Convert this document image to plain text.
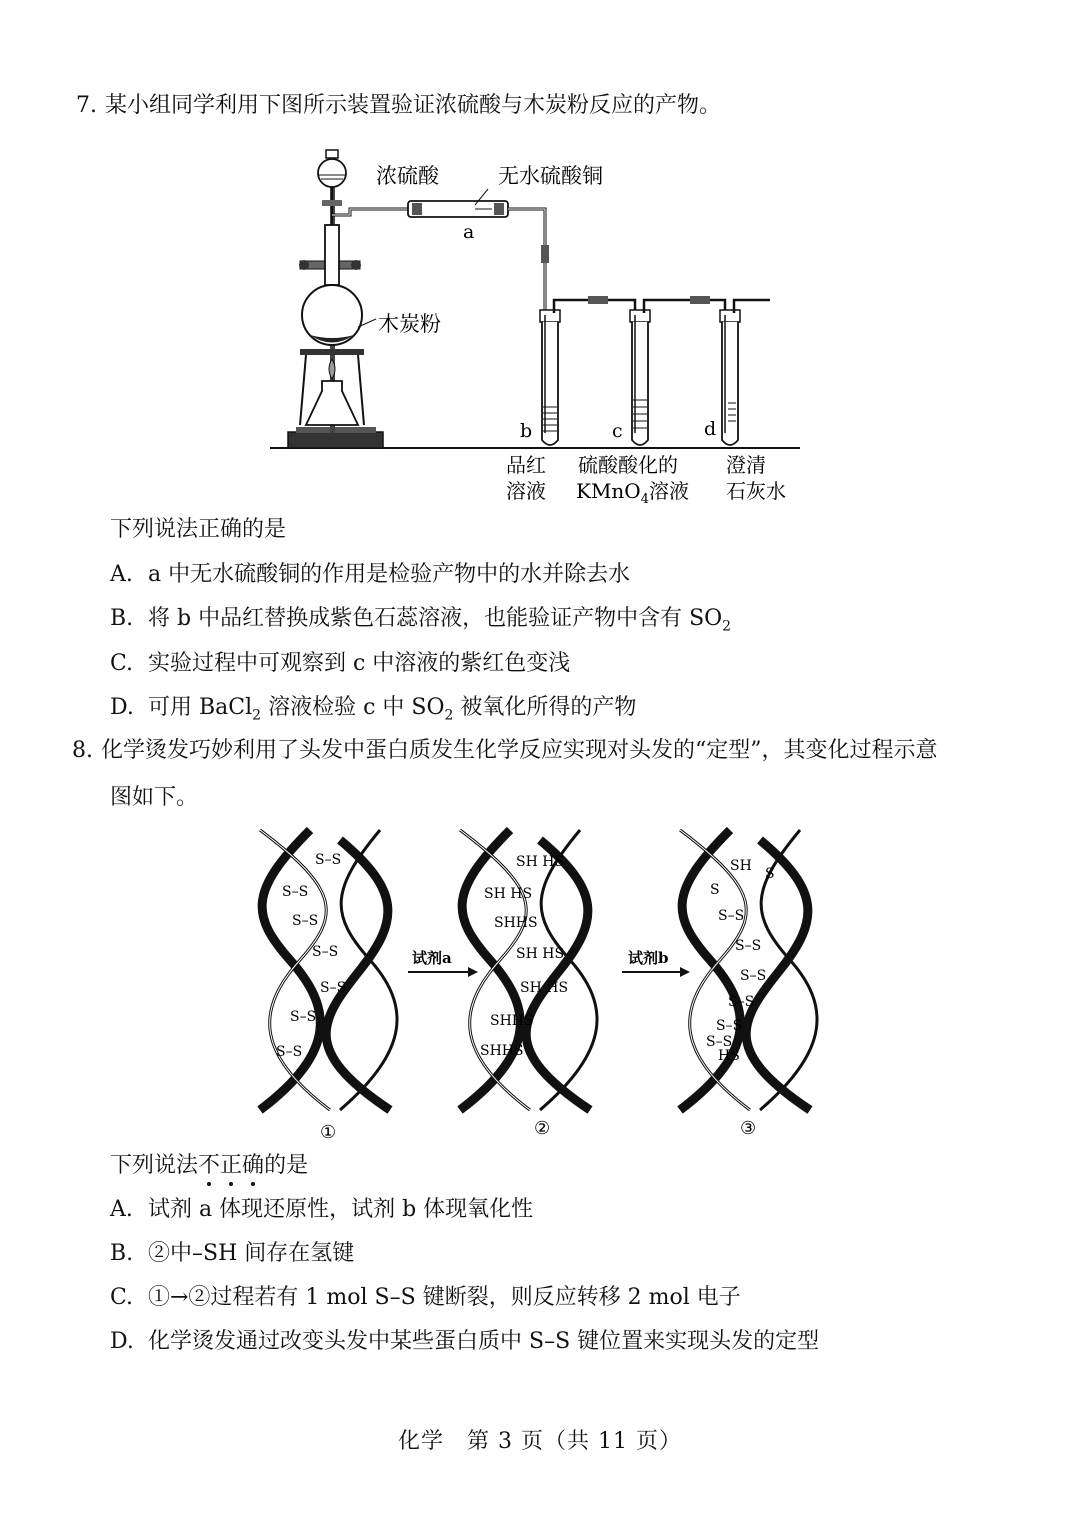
7. 某小组同学利用下图所示装置验证浓硫酸与木炭粉反应的产物。
浓硫酸	无水硫酸铜
a
木炭粉
b	c	d
品红
溶液
硫酸酸化的
KMnO$_4$溶液
澄清
石灰水
下列说法正确的是
A. a 中无水硫酸铜的作用是检验产物中的水并除去水
B. 将 b 中品红替换成紫色石蕊溶液，也能验证产物中含有 $SO_2$
C. 实验过程中可观察到 c 中溶液的紫红色变浅
D. 可用 BaCl$_2$ 溶液检验 c 中 $SO_2$ 被氧化所得的产物
8. 化学烫发巧妙利用了头发中蛋白质发生化学反应实现对头发的“定型”，其变化过程示意
图如下。
S–S
S–S
S–S
S–S
S–S
S–S
S–S
SH HS
SH HS
SHHS
SH HS
SH HS
SHHS
SHHS
SH S
S
S–S
S–S
S–S
S–S
S–S
S–S
HS
试剂a	试剂b
①	②	③
下列说法不正确的是
A. 试剂 a 体现还原性，试剂 b 体现氧化性
B. ②中–SH 间存在氢键
C. ①→②过程若有 1 mol S–S 键断裂，则反应转移 2 mol 电子
D. 化学烫发通过改变头发中某些蛋白质中 S–S 键位置来实现头发的定型
化学　第 3 页（共 11 页）
